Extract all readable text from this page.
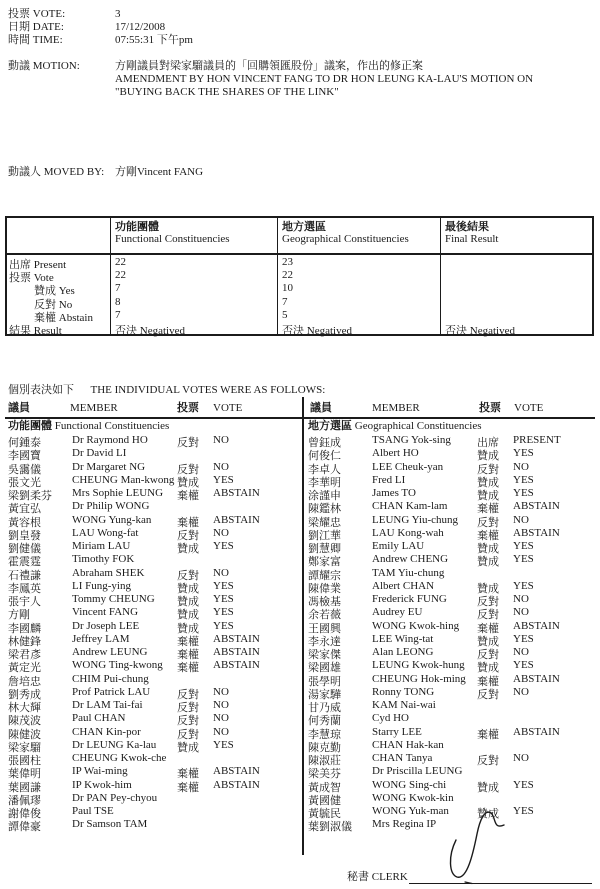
投票 VOTE:	3
日期 DATE:	17/12/2008
時間 TIME:	07:55:31 下午pm
動議 MOTION:	方剛議員對梁家騮議員的「回購領匯股份」議案，作出的修正案
AMENDMENT BY HON VINCENT FANG TO DR HON LEUNG KA-LAU'S MOTION ON
"BUYING BACK THE SHARES OF THE LINK"
動議人 MOVED BY: 方剛Vincent FANG
功能團體
Functional Constituencies
地方選區
Geographical Constituencies
最後結果
Final Result
出席 Present	22	23
投票 Vote	22	22
贊成 Yes	7	10
反對 No	8	7
棄權 Abstain 7	5
結果 Result	否決 Negatived	否決 Negatived	否決 Negatived
個別表決如下 THE INDIVIDUAL VOTES WERE AS FOLLOWS:
議員	MEMBER	投票 VOTE	議員	MEMBER	投票 VOTE
功能團體 Functional Constituencies	地方選區 Geographical Constituencies
何鍾泰	Dr Raymond HO	反對 NO
李國寶	Dr David LI
吳靄儀	Dr Margaret NG	反對 NO
張文光	CHEUNG Man-kwong 贊成 YES
梁劉柔芬 Mrs Sophie LEUNG 棄權 ABSTAIN
黃宜弘	Dr Philip WONG
黃容根	WONG Yung-kan 棄權 ABSTAIN
劉皇發	LAU Wong-fat	反對 NO
劉健儀	Miriam LAU	贊成 YES
霍震霆	Timothy FOK
石禮謙	Abraham SHEK	反對 NO
李鳳英	LI Fung-ying	贊成 YES
張宇人	Tommy CHEUNG 贊成 YES
方剛	Vincent FANG	贊成 YES
李國麟	Dr Joseph LEE	贊成 YES
林健鋒	Jeffrey LAM	棄權 ABSTAIN
梁君彥	Andrew LEUNG	棄權 ABSTAIN
黃定光	WONG Ting-kwong 棄權 ABSTAIN
詹培忠	CHIM Pui-chung
劉秀成	Prof Patrick LAU 反對 NO
林大輝	Dr LAM Tai-fai	反對 NO
陳茂波	Paul CHAN	反對 NO
陳健波	CHAN Kin-por	反對 NO
梁家騮	Dr LEUNG Ka-lau 贊成 YES
張國柱	CHEUNG Kwok-che
葉偉明	IP Wai-ming	棄權 ABSTAIN
葉國謙	IP Kwok-him	棄權 ABSTAIN
潘佩璆	Dr PAN Pey-chyou
謝偉俊	Paul TSE
譚偉豪	Dr Samson TAM
曾鈺成	TSANG Yok-sing 出席 PRESENT
何俊仁	Albert HO	贊成 YES
李卓人	LEE Cheuk-yan	反對 NO
李華明	Fred LI	贊成 YES
涂謹申	James TO	贊成 YES
陳鑑林	CHAN Kam-lam	棄權 ABSTAIN
梁耀忠	LEUNG Yiu-chung 反對 NO
劉江華	LAU Kong-wah	棄權 ABSTAIN
劉慧卿	Emily LAU	贊成 YES
鄭家富	Andrew CHENG	贊成 YES
譚耀宗	TAM Yiu-chung
陳偉業	Albert CHAN	贊成 YES
馮檢基	Frederick FUNG	反對 NO
余若薇	Audrey EU	反對 NO
王國興	WONG Kwok-hing 棄權 ABSTAIN
李永達	LEE Wing-tat	贊成 YES
梁家傑	Alan LEONG	反對 NO
梁國雄	LEUNG Kwok-hung 贊成 YES
張學明	CHEUNG Hok-ming 棄權 ABSTAIN
湯家驊	Ronny TONG	反對 NO
甘乃威	KAM Nai-wai
何秀蘭	Cyd HO
李慧琼	Starry LEE	棄權 ABSTAIN
陳克勤	CHAN Hak-kan
陳淑莊	CHAN Tanya	反對 NO
梁美芬	Dr Priscilla LEUNG
黃成智	WONG Sing-chi	贊成 YES
黃國健	WONG Kwok-kin
黃毓民	WONG Yuk-man	贊成 YES
葉劉淑儀 Mrs Regina IP
秘書 CLERK
